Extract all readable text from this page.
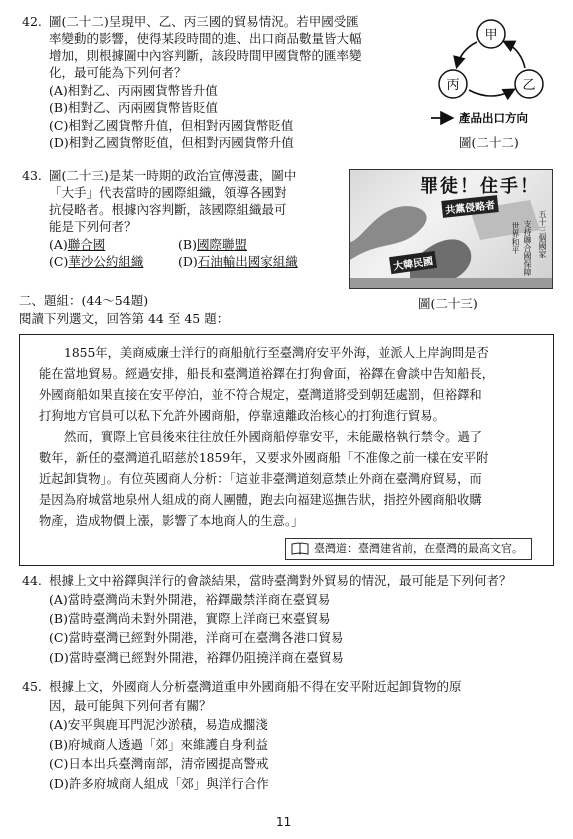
42. 圖(二十二)呈現甲、乙、丙三國的貿易情況。若甲國受匯
率變動的影響，使得某段時間的進、出口商品數量皆大幅
增加，則根據圖中內容判斷，該段時間甲國貨幣的匯率變
化，最可能為下列何者？
(A)相對乙、丙兩國貨幣皆升值
(B)相對乙、丙兩國貨幣皆貶值
(C)相對乙國貨幣升值，但相對丙國貨幣貶值
(D)相對乙國貨幣貶值，但相對丙國貨幣升值
甲
丙	乙
產品出口方向
圖(二十二)
43. 圖(二十三)是某一時期的政治宣傳漫畫，圖中
「大手」代表當時的國際組織，領導各國對
抗侵略者。根據內容判斷，該國際組織最可
能是下列何者？
(A)聯合國	(B)國際聯盟
(C)華沙公約組織	(D)石油輸出國家組織
罪徒！住手！
共黨侵略者
大韓民國
五十三個國家
世界和平 支持聯合國保障
圖(二十三)
二、題組：(44～54題)
閱讀下列選文，回答第 44 至 45 題：
1855年，美商威廉士洋行的商船航行至臺灣府安平外海，並派人上岸詢問是否
能在當地貿易。經過安排，船長和臺灣道裕鐸在打狗會面，裕鐸在會談中告知船長，
外國商船如果直接在安平停泊，並不符合規定，臺灣道將受到朝廷處罰，但裕鐸和
打狗地方官員可以私下允許外國商船，停靠遠離政治核心的打狗進行貿易。
然而，實際上官員後來往往放任外國商船停靠安平，未能嚴格執行禁令。過了
數年，新任的臺灣道孔昭慈於1859年，又要求外國商船「不准像之前一樣在安平附
近起卸貨物」。有位英國商人分析：「這並非臺灣道刻意禁止外商在臺灣府貿易，而
是因為府城當地泉州人組成的商人團體，跑去向福建巡撫告狀，指控外國商船收購
物產，造成物價上漲，影響了本地商人的生意。」
臺灣道：臺灣建省前，在臺灣的最高文官。
44. 根據上文中裕鐸與洋行的會談結果，當時臺灣對外貿易的情況，最可能是下列何者？
(A)當時臺灣尚未對外開港，裕鐸嚴禁洋商在臺貿易
(B)當時臺灣尚未對外開港，實際上洋商已來臺貿易
(C)當時臺灣已經對外開港，洋商可在臺灣各港口貿易
(D)當時臺灣已經對外開港，裕鐸仍阻撓洋商在臺貿易
45. 根據上文，外國商人分析臺灣道重申外國商船不得在安平附近起卸貨物的原
因，最可能與下列何者有關？
(A)安平與鹿耳門泥沙淤積，易造成擱淺
(B)府城商人透過「郊」來維護自身利益
(C)日本出兵臺灣南部，清帝國提高警戒
(D)許多府城商人組成「郊」與洋行合作
11
